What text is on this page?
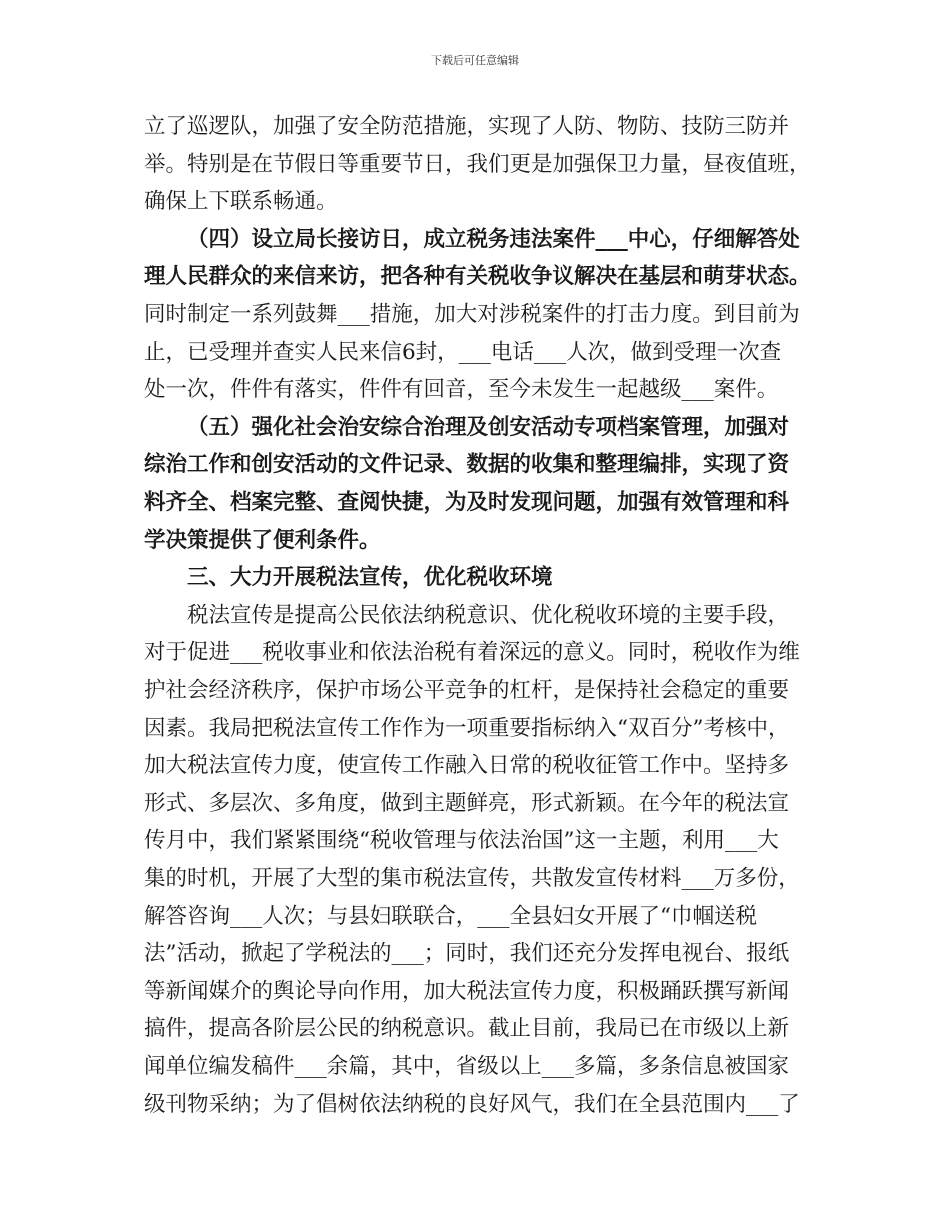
下载后可任意编辑
立了巡逻队，加强了安全防范措施，实现了人防、物防、技防三防并
举。特别是在节假日等重要节日，我们更是加强保卫力量，昼夜值班，
确保上下联系畅通。
（四）设立局长接访日，成立税务违法案件___中心，仔细解答处
理人民群众的来信来访，把各种有关税收争议解决在基层和萌芽状态。
同时制定一系列鼓舞___措施，加大对涉税案件的打击力度。到目前为
止，已受理并查实人民来信6封，___电话___人次，做到受理一次查
处一次，件件有落实，件件有回音，至今未发生一起越级___案件。
（五）强化社会治安综合治理及创安活动专项档案管理，加强对
综治工作和创安活动的文件记录、数据的收集和整理编排，实现了资
料齐全、档案完整、查阅快捷，为及时发现问题，加强有效管理和科
学决策提供了便利条件。
三、大力开展税法宣传，优化税收环境
税法宣传是提高公民依法纳税意识、优化税收环境的主要手段，
对于促进___税收事业和依法治税有着深远的意义。同时，税收作为维
护社会经济秩序，保护市场公平竞争的杠杆，是保持社会稳定的重要
因素。我局把税法宣传工作作为一项重要指标纳入“双百分”考核中，
加大税法宣传力度，使宣传工作融入日常的税收征管工作中。坚持多
形式、多层次、多角度，做到主题鲜亮，形式新颖。在今年的税法宣
传月中，我们紧紧围绕“税收管理与依法治国”这一主题，利用___大
集的时机，开展了大型的集市税法宣传，共散发宣传材料___万多份，
解答咨询___人次；与县妇联联合，___全县妇女开展了“巾帼送税
法”活动，掀起了学税法的___；同时，我们还充分发挥电视台、报纸
等新闻媒介的舆论导向作用，加大税法宣传力度，积极踊跃撰写新闻
搞件，提高各阶层公民的纳税意识。截止目前，我局已在市级以上新
闻单位编发稿件___余篇，其中，省级以上___多篇，多条信息被国家
级刊物采纳；为了倡树依法纳税的良好风气，我们在全县范围内___了
